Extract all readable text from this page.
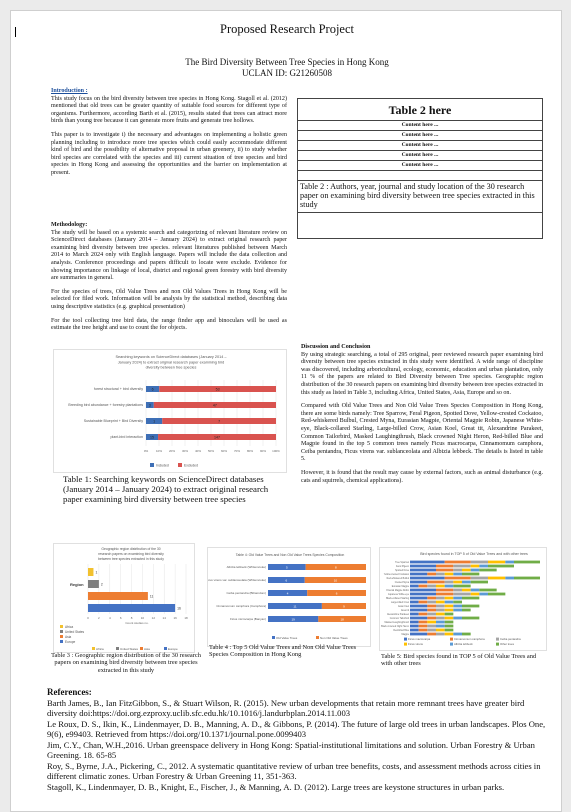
Proposed Research Project
The Bird Diversity Between Tree Species in Hong Kong
UCLAN ID: G21260508
Introduction :

This study focus on the bird diversity between tree species in Hong Kong. Stagoll et al. (2012) mentioned that old trees can be greater quantity of suitable food sources for different type of organisms. Furthermore, according Barth et al. (2015), results stated that trees can attract more birds than young tree because it can generate more fruits and generate tree hollows.

This paper is to investigate i) the necessary and advantages on implementing a holistic green planning including to introduce more tree species which could easily accommodate different kind of bird and the possibility of alternative proposal in urban greenery, ii) to study whether bird species are correlated with the species and iii) current situation of tree species and bird species in Hong Kong and assessing the opportunities and the barrier on implementation at present.

Methodology:

The study will be based on a systemic search and categorizing of relevant literature review on ScienceDirect databases (January 2014 – January 2024) to extract original research paper examining bird diversity between tree species. relevant literatures published between March 2014 to March 2024 only with English language. Papers will include the data collection and analysis. Conference proceedings and papers difficult to locate were exclude. Evidence for showing importance on linkage of local, district and regional green forestry with bird diversity are summaries in general.

For the species of trees, Old Value Trees and non Old Values Trees in Hong Kong will be selected for filed work. Information will be analysis by the statistical method, describing data using descriptive statistics (e.g. graphical presentation)

For the tool collecting tree bird data, the range finder app and binoculars will be used as estimate the tree height and use to count the for objects.

Table 2 here
Content here ...
Content here ...
Content here ...
Content here ...
Content here ...
Table 2 : Authors, year, journal and study location of the 30 research paper on examining bird diversity between tree species extracted in this study
Discussion and Conclusion

By using strategic searching, a total of 295 original, peer reviewed research paper examining bird diversity between tree species extracted in this study were identified. A wide range of discipline was discovered, including arboricultural, ecology, economic, education and urban plantation, only 11 % of the papers are related to Bird Diversity between Tree species. Geographic region distribution of the 30 research papers on examining bird diversity between tree species extracted in this study as listed in Table 3, including Africa, United States, Asia, Europe and so on.

Compared with Old Value Trees and Non Old Value Trees Species Composition in Hong Kong, there are some birds namely: Tree Sparrow, Feral Pigeon, Spotted Dove, Yellow-crested Cockatoo, Red-whiskered Bulbul, Crested Myna, Eurasian Magpie, Oriental Magpie Robin, Japanese White-eye, Black-collared Starling, Large-billed Crow, Asian Koel, Great tit, Alexandrine Parakeet, Common Tailorbird, Masked Laughingthrush, Black crowned Night Heron, Red-billed Blue and Magpie found in the top 5 common trees namely Ficus macrocarpa, Cinnamomum camphora, Ceiba pentandra, Ficus virens var. sublanceolata and Albizia lebbeck. The details is listed in table 5.

However, it is found that the result may cause by external factors, such as animal disturbance (e.g. cats and squirrels, chemical applications).

Searching keywords on ScienceDirect databases (January 2014 –
January 2024) to extract original research paper examining bird
diversity between tree species
0%	10% 20% 30% 40% 50% 60% 70% 80% 90% 100%
forest structural + bird diversity 6	53
Breeding bird abundance + forestry plantations 3	47
Sustainable Blueprint + Bird Diversity	1	7
plant-bird interaction 15	147
Included	Excluded
Table 1: Searching keywords on ScienceDirect databases (January 2014 – January 2024) to extract original research paper examining bird diversity between tree species
Geographic region distribution of the 30
research papers on examining bird diversity
between tree species extracted in this study
Region
0	2	4	6	8	10	12	14	16	18
Count studies no.
1
2
11
16
Africa
United States
Asia
Europe
Africa	United States Asia	Europe
Table 3 : Geographic region distribution of the 30 research papers on examining bird diversity between tree species extracted in this study
Table 4: Old Value Trees and Non Old Value Trees Species Composition
Albizia lebbeck (Whitemcoke)	5	8
Ficus virens var. sublanceolata (Whitemcoke)	6	10
Ceiba pentandra (Bthamdom)	4	6
Cinnamomum camphora (Camphora)	11	9
Ficus microcarpa (Banyan)	19	18
Old Value Trees	Non Old Value Trees
Table 4 : Top 5 Old Value Trees and Non Old Value Trees Species Composition in Hong Kong
Bird species found in TOP 5 of Old Value Trees and with other trees
Tree Sparrow
Feral Pigeon
Spotted Dove
Yellow-crested Cockatoo
Red-whiskered Bulbul
Crested Myna
Eurasian Magpie
Oriental Magpie Robin
Japanese White-eye
Black-collared Starling
Large-billed Crow
Asian Koel
Great tit
Alexandrine Parakeet
Common Tailorbird
Masked Laughingthrush
Black crowned Night Heron
Red-billed Blue
Magpie
Ficus macrocarpa	Cinnamomum camphora	Ceiba pentandra
Ficus virens	Albizia lebbeck	Other trees
Table 5: Bird species found in TOP 5 of Old Value Trees and with other trees
References:
Barth James, B., Ian FitzGibbon, S., & Stuart Wilson, R. (2015). New urban developments that retain more remnant trees have greater bird diversity doi:https://doi.org.ezproxy.uclib.sfc.edu.hk/10.1016/j.landurbplan.2014.11.003
Le Roux, D. S., Ikin, K., Lindenmayer, D. B., Manning, A. D., & Gibbons, P. (2014). The future of large old trees in urban landscapes. Plos One, 9(6), e99403. Retrieved from https://doi.org/10.1371/journal.pone.0099403
Jim, C.Y., Chan, W.H.,2016. Urban greenspace delivery in Hong Kong: Spatial-institutional limitations and solution. Urban Forestry & Urban Greening. 18. 65-85
Roy, S., Byrne, J.A., Pickering, C., 2012. A systematic quantitative review of urban tree benefits, costs, and assessment methods across cities in different climatic zones. Urban Forestry & Urban Greening 11, 351-363.
Stagoll, K., Lindenmayer, D. B., Knight, E., Fischer, J., & Manning, A. D. (2012). Large trees are keystone structures in urban parks.
